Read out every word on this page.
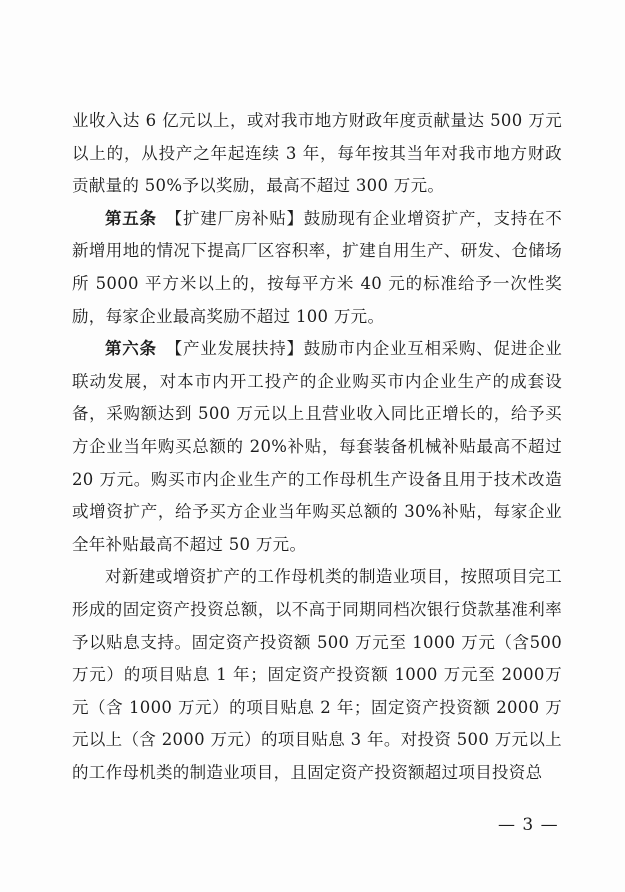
业收入达 6 亿元以上，或对我市地方财政年度贡献量达 500 万元以上的，从投产之年起连续 3 年，每年按其当年对我市地方财政贡献量的 50%予以奖励，最高不超过 300 万元。

第五条　【扩建厂房补贴】鼓励现有企业增资扩产，支持在不新增用地的情况下提高厂区容积率，扩建自用生产、研发、仓储场所 5000 平方米以上的，按每平方米 40 元的标准给予一次性奖励，每家企业最高奖励不超过 100 万元。

第六条　【产业发展扶持】鼓励市内企业互相采购、促进企业联动发展，对本市内开工投产的企业购买市内企业生产的成套设备，采购额达到 500 万元以上且营业收入同比正增长的，给予买方企业当年购买总额的 20%补贴，每套装备机械补贴最高不超过 20 万元。购买市内企业生产的工作母机生产设备且用于技术改造或增资扩产，给予买方企业当年购买总额的 30%补贴，每家企业全年补贴最高不超过 50 万元。

对新建或增资扩产的工作母机类的制造业项目，按照项目完工形成的固定资产投资总额，以不高于同期同档次银行贷款基准利率予以贴息支持。固定资产投资额 500 万元至 1000 万元（含500 万元）的项目贴息 1 年；固定资产投资额 1000 万元至 2000万元（含 1000 万元）的项目贴息 2 年；固定资产投资额 2000 万元以上（含 2000 万元）的项目贴息 3 年。对投资 500 万元以上的工作母机类的制造业项目，且固定资产投资额超过项目投资总

— 3 —
